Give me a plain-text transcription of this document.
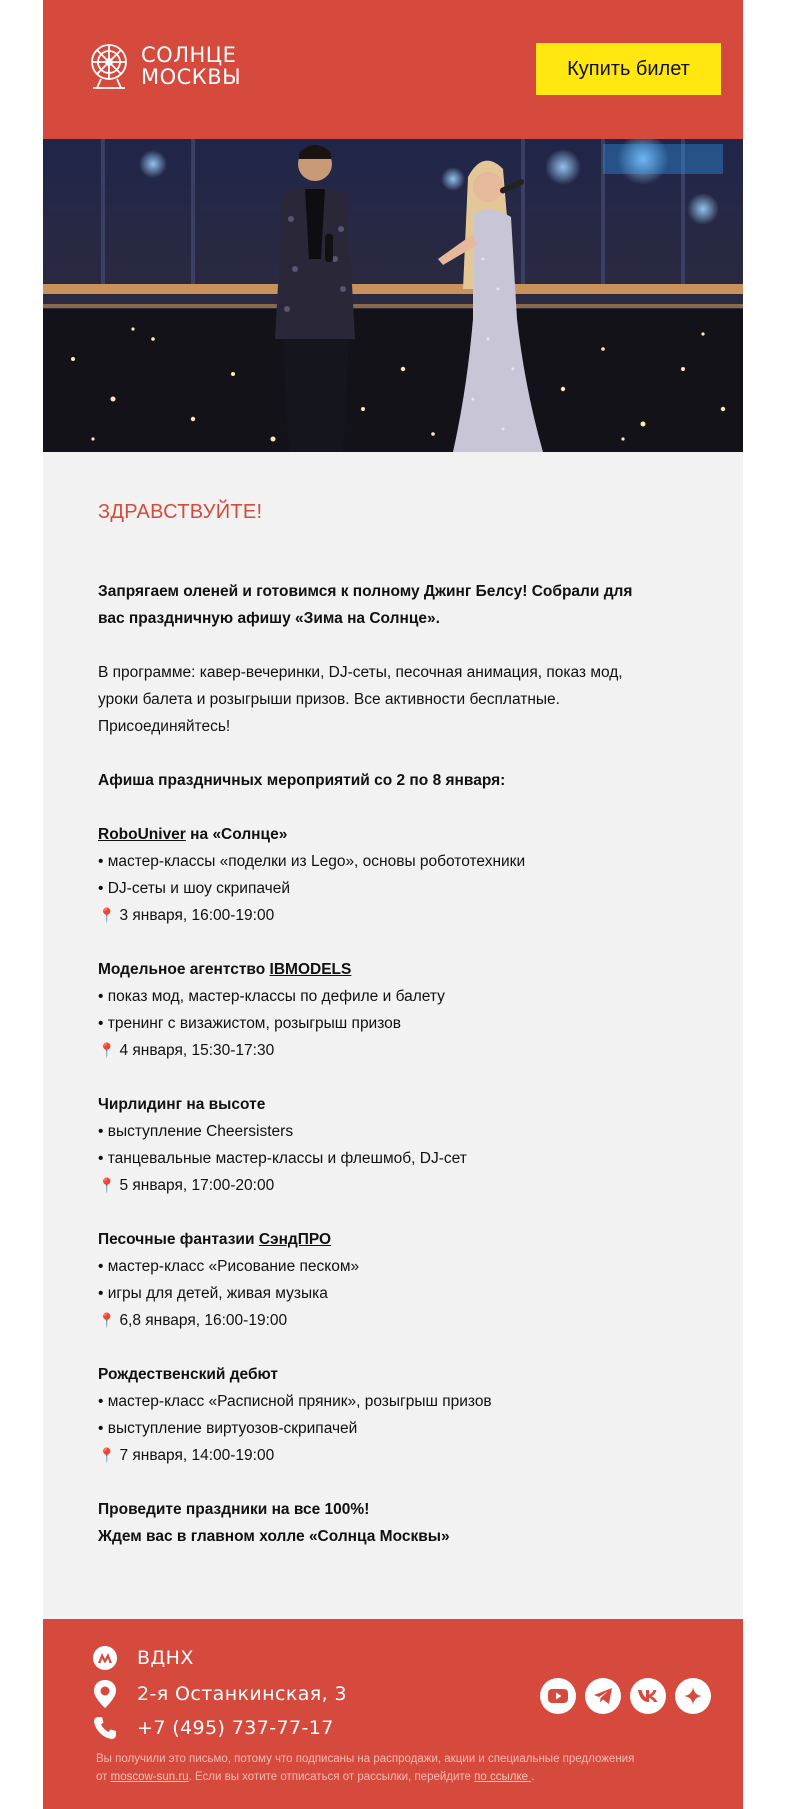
СОЛНЦЕ
МОСКВЫ	Купить билет
ЗДРАВСТВУЙТЕ!

Запрягаем оленей и готовимся к полному Джинг Белсу! Собрали для вас праздничную афишу «Зима на Солнце».

В программе: кавер-вечеринки, DJ-сеты, песочная анимация, показ мод, уроки балета и розыгрыши призов. Все активности бесплатные. Присоединяйтесь!

Афиша праздничных мероприятий со 2 по 8 января:

RoboUniver на «Солнце»

• мастер-классы «поделки из Lego», основы робототехники

• DJ-сеты и шоу скрипачей

📍 3 января, 16:00-19:00

Модельное агентство IBMODELS

• показ мод, мастер-классы по дефиле и балету

• тренинг с визажистом, розыгрыш призов

📍 4 января, 15:30-17:30

Чирлидинг на высоте

• выступление Cheersisters

• танцевальные мастер-классы и флешмоб, DJ-сет

📍 5 января, 17:00-20:00

Песочные фантазии СэндПРО

• мастер-класс «Рисование песком»

• игры для детей, живая музыка

📍 6,8 января, 16:00-19:00

Рождественский дебют

• мастер-класс «Расписной пряник», розыгрыш призов

• выступление виртуозов-скрипачей

📍 7 января, 14:00-19:00

Проведите праздники на все 100%!

Ждем вас в главном холле «Солнца Москвы»

ВДНХ
2-я Останкинская, 3
+7 (495) 737-77-17
Вы получили это письмо, потому что подписаны на распродажи, акции и специальные предложения
от moscow-sun.ru. Если вы хотите отписаться от рассылки, перейдите по ссылке .
